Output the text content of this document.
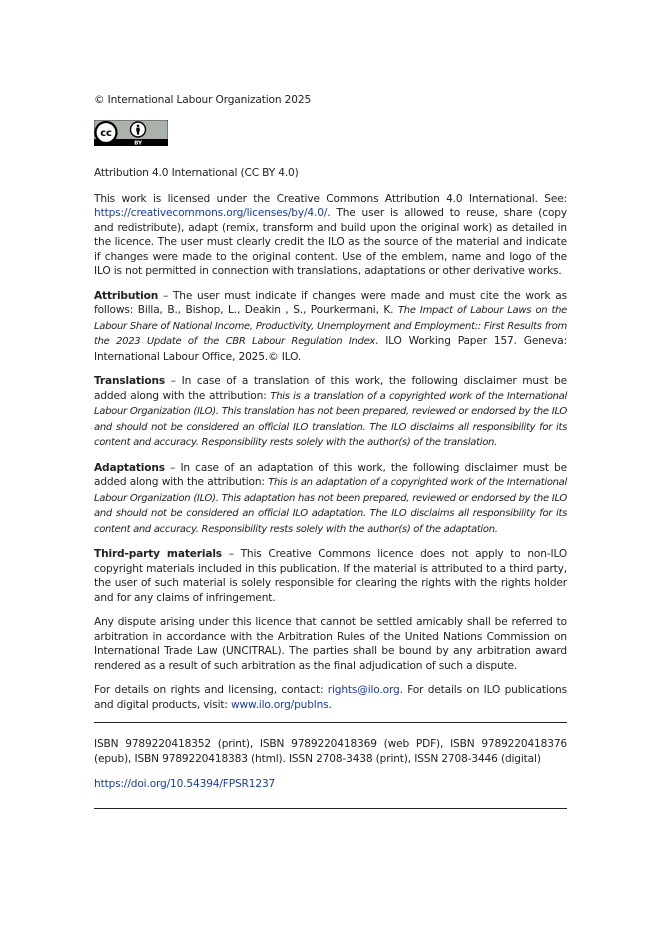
© International Labour Organization 2025

cc
BY

Attribution 4.0 International (CC BY 4.0)

This work is licensed under the Creative Commons Attribution 4.0 International. See: https://creativecommons.org/licenses/by/4.0/. The user is allowed to reuse, share (copy and redistribute), adapt (remix, transform and build upon the original work) as detailed in the licence. The user must clearly credit the ILO as the source of the material and indicate if changes were made to the original content. Use of the emblem, name and logo of the ILO is not permitted in connection with translations, adaptations or other derivative works.

Attribution – The user must indicate if changes were made and must cite the work as follows: Billa, B., Bishop, L., Deakin , S., Pourkermani, K. The Impact of Labour Laws on the Labour Share of National Income, Productivity, Unemployment and Employment:: First Results from the 2023 Update of the CBR Labour Regulation Index. ILO Working Paper 157. Geneva: International Labour Office, 2025.© ILO.

Translations – In case of a translation of this work, the following disclaimer must be added along with the attribution: This is a translation of a copyrighted work of the International Labour Organization (ILO). This translation has not been prepared, reviewed or endorsed by the ILO and should not be considered an official ILO translation. The ILO disclaims all responsibility for its content and accuracy. Responsibility rests solely with the author(s) of the translation.

Adaptations – In case of an adaptation of this work, the following disclaimer must be added along with the attribution: This is an adaptation of a copyrighted work of the International Labour Organization (ILO). This adaptation has not been prepared, reviewed or endorsed by the ILO and should not be considered an official ILO adaptation. The ILO disclaims all responsibility for its content and accuracy. Responsibility rests solely with the author(s) of the adaptation.

Third-party materials – This Creative Commons licence does not apply to non-ILO copyright materials included in this publication. If the material is attributed to a third party, the user of such material is solely responsible for clearing the rights with the rights holder and for any claims of infringement.

Any dispute arising under this licence that cannot be settled amicably shall be referred to arbitration in accordance with the Arbitration Rules of the United Nations Commission on International Trade Law (UNCITRAL). The parties shall be bound by any arbitration award rendered as a result of such arbitration as the final adjudication of such a dispute.

For details on rights and licensing, contact: rights@ilo.org. For details on ILO publications and digital products, visit: www.ilo.org/publns.

ISBN 9789220418352 (print), ISBN 9789220418369 (web PDF), ISBN 9789220418376 (epub), ISBN 9789220418383 (html). ISSN 2708-3438 (print), ISSN 2708-3446 (digital)

https://doi.org/10.54394/FPSR1237
